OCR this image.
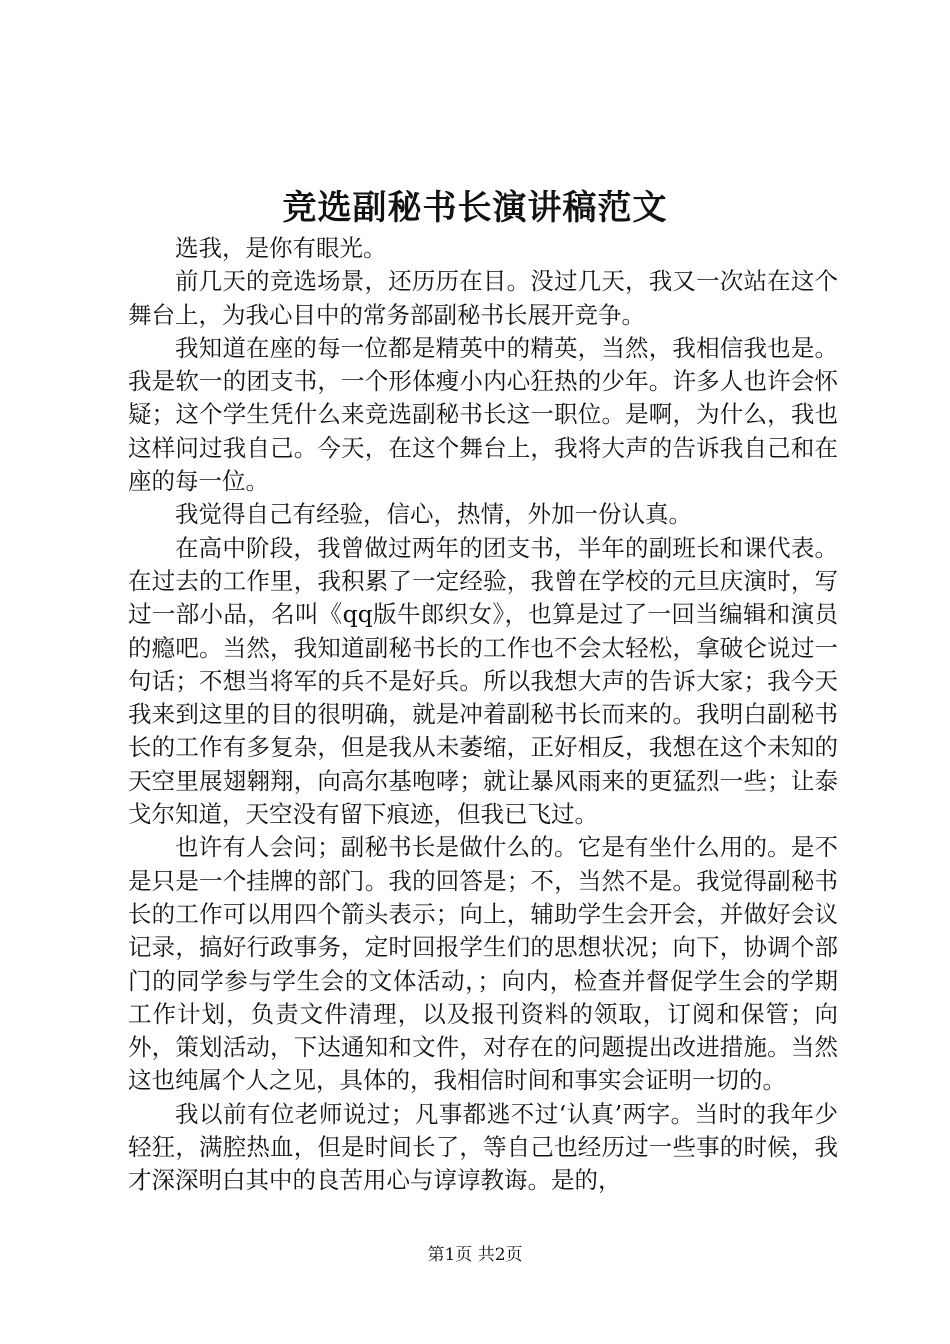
竞选副秘书长演讲稿范文

选我，是你有眼光。

前几天的竞选场景，还历历在目。没过几天，我又一次站在这个舞台上，为我心目中的常务部副秘书长展开竞争。

我知道在座的每一位都是精英中的精英，当然，我相信我也是。我是软一的团支书，一个形体瘦小内心狂热的少年。许多人也许会怀疑；这个学生凭什么来竞选副秘书长这一职位。是啊，为什么，我也这样问过我自己。今天，在这个舞台上，我将大声的告诉我自己和在座的每一位。

我觉得自己有经验，信心，热情，外加一份认真。

在高中阶段，我曾做过两年的团支书，半年的副班长和课代表。在过去的工作里，我积累了一定经验，我曾在学校的元旦庆演时，写过一部小品，名叫《qq版牛郎织女》，也算是过了一回当编辑和演员的瘾吧。当然，我知道副秘书长的工作也不会太轻松，拿破仑说过一句话；不想当将军的兵不是好兵。所以我想大声的告诉大家；我今天我来到这里的目的很明确，就是冲着副秘书长而来的。我明白副秘书长的工作有多复杂，但是我从未萎缩，正好相反，我想在这个未知的天空里展翅翱翔，向高尔基咆哮；就让暴风雨来的更猛烈一些；让泰戈尔知道，天空没有留下痕迹，但我已飞过。

也许有人会问；副秘书长是做什么的。它是有坐什么用的。是不是只是一个挂牌的部门。我的回答是；不，当然不是。我觉得副秘书长的工作可以用四个箭头表示；向上，辅助学生会开会，并做好会议记录，搞好行政事务，定时回报学生们的思想状况；向下，协调个部门的同学参与学生会的文体活动，；向内，检查并督促学生会的学期工作计划，负责文件清理，以及报刊资料的领取，订阅和保管；向外，策划活动，下达通知和文件，对存在的问题提出改进措施。当然这也纯属个人之见，具体的，我相信时间和事实会证明一切的。

我以前有位老师说过；凡事都逃不过‘认真’两字。当时的我年少轻狂，满腔热血，但是时间长了，等自己也经历过一些事的时候，我才深深明白其中的良苦用心与谆谆教诲。是的，

第1页 共2页
